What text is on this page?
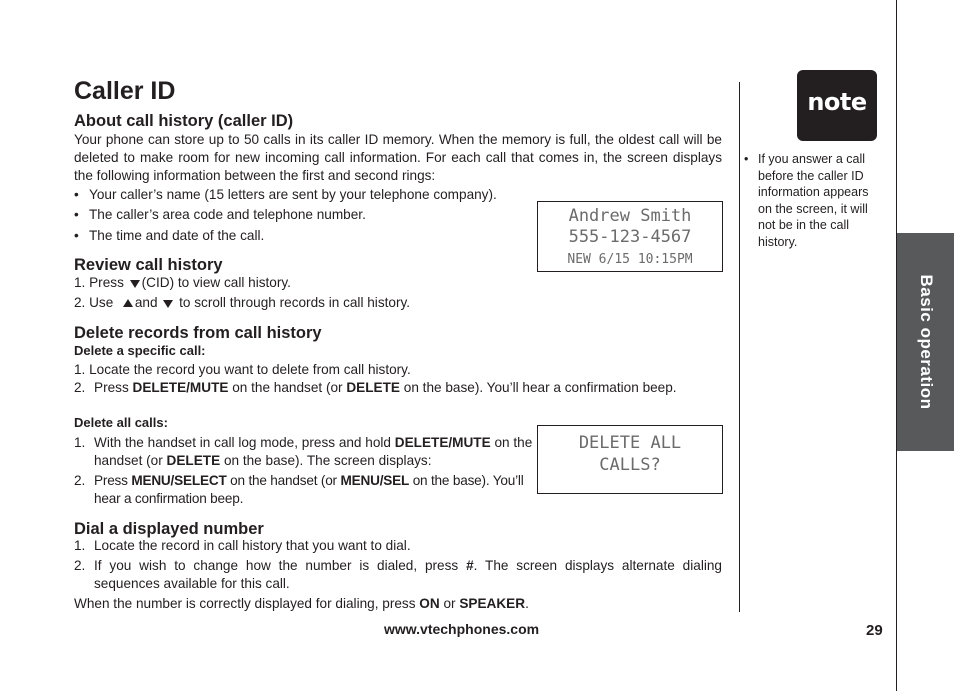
Basic operation
Caller ID
About call history (caller ID)
Your phone can store up to 50 calls in its caller ID memory. When the memory is full, the oldest call will be deleted to make room for new incoming call information. For each call that comes in, the screen displays the following information between the first and second rings:
• Your caller’s name (15 letters are sent by your telephone company).
• The caller’s area code and telephone number.
• The time and date of the call.
Andrew Smith
555-123-4567
NEW 6/15 10:15PM
Review call history
1. Press (CID) to view call history.
2. Use and to scroll through records in call history.
Delete records from call history
Delete a specific call:
1. Locate the record you want to delete from call history.
2. Press DELETE/MUTE on the handset (or DELETE on the base). You’ll hear a confirmation beep.
Delete all calls:
1. With the handset in call log mode, press and hold DELETE/MUTE on the handset (or DELETE on the base). The screen displays:
2. Press MENU/SELECT on the handset (or MENU/SEL on the base). You’ll hear a confirmation beep.
DELETE ALL
CALLS?
Dial a displayed number
1. Locate the record in call history that you want to dial.
2. If you wish to change how the number is dialed, press #. The screen displays alternate dialing sequences available for this call.
When the number is correctly displayed for dialing, press ON or SPEAKER.
note
• If you answer a call before the caller ID information appears on the screen, it will not be in the call history.
www.vtechphones.com	29
